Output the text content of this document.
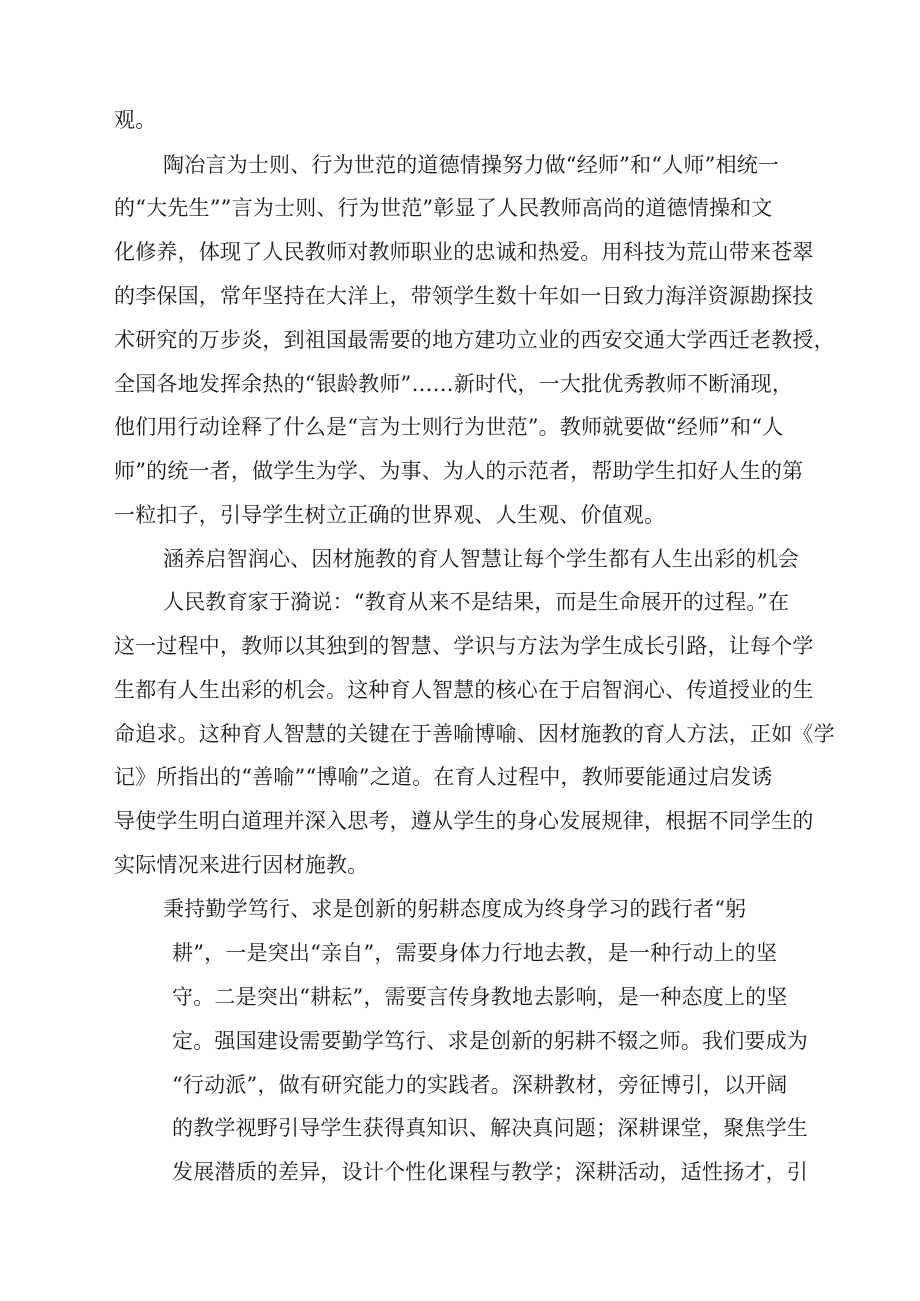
观。
陶冶言为士则、行为世范的道德情操努力做“经师”和“人师”相统一
的“大先生””言为士则、行为世范”彰显了人民教师高尚的道德情操和文
化修养，体现了人民教师对教师职业的忠诚和热爱。用科技为荒山带来苍翠
的李保国，常年坚持在大洋上，带领学生数十年如一日致力海洋资源勘探技
术研究的万步炎，到祖国最需要的地方建功立业的西安交通大学西迁老教授，
全国各地发挥余热的“银龄教师”……新时代，一大批优秀教师不断涌现，
他们用行动诠释了什么是“言为士则行为世范”。教师就要做“经师”和“人
师”的统一者，做学生为学、为事、为人的示范者，帮助学生扣好人生的第
一粒扣子，引导学生树立正确的世界观、人生观、价值观。
涵养启智润心、因材施教的育人智慧让每个学生都有人生出彩的机会
人民教育家于漪说：“教育从来不是结果，而是生命展开的过程。”在
这一过程中，教师以其独到的智慧、学识与方法为学生成长引路，让每个学
生都有人生出彩的机会。这种育人智慧的核心在于启智润心、传道授业的生
命追求。这种育人智慧的关键在于善喻博喻、因材施教的育人方法，正如《学
记》所指出的“善喻”“博喻”之道。在育人过程中，教师要能通过启发诱
导使学生明白道理并深入思考，遵从学生的身心发展规律，根据不同学生的
实际情况来进行因材施教。
秉持勤学笃行、求是创新的躬耕态度成为终身学习的践行者“躬
耕”，一是突出“亲自”，需要身体力行地去教，是一种行动上的坚
守。二是突出“耕耘”，需要言传身教地去影响，是一种态度上的坚
定。强国建设需要勤学笃行、求是创新的躬耕不辍之师。我们要成为
“行动派”，做有研究能力的实践者。深耕教材，旁征博引，以开阔
的教学视野引导学生获得真知识、解决真问题；深耕课堂，聚焦学生
发展潜质的差异，设计个性化课程与教学；深耕活动，适性扬才，引
